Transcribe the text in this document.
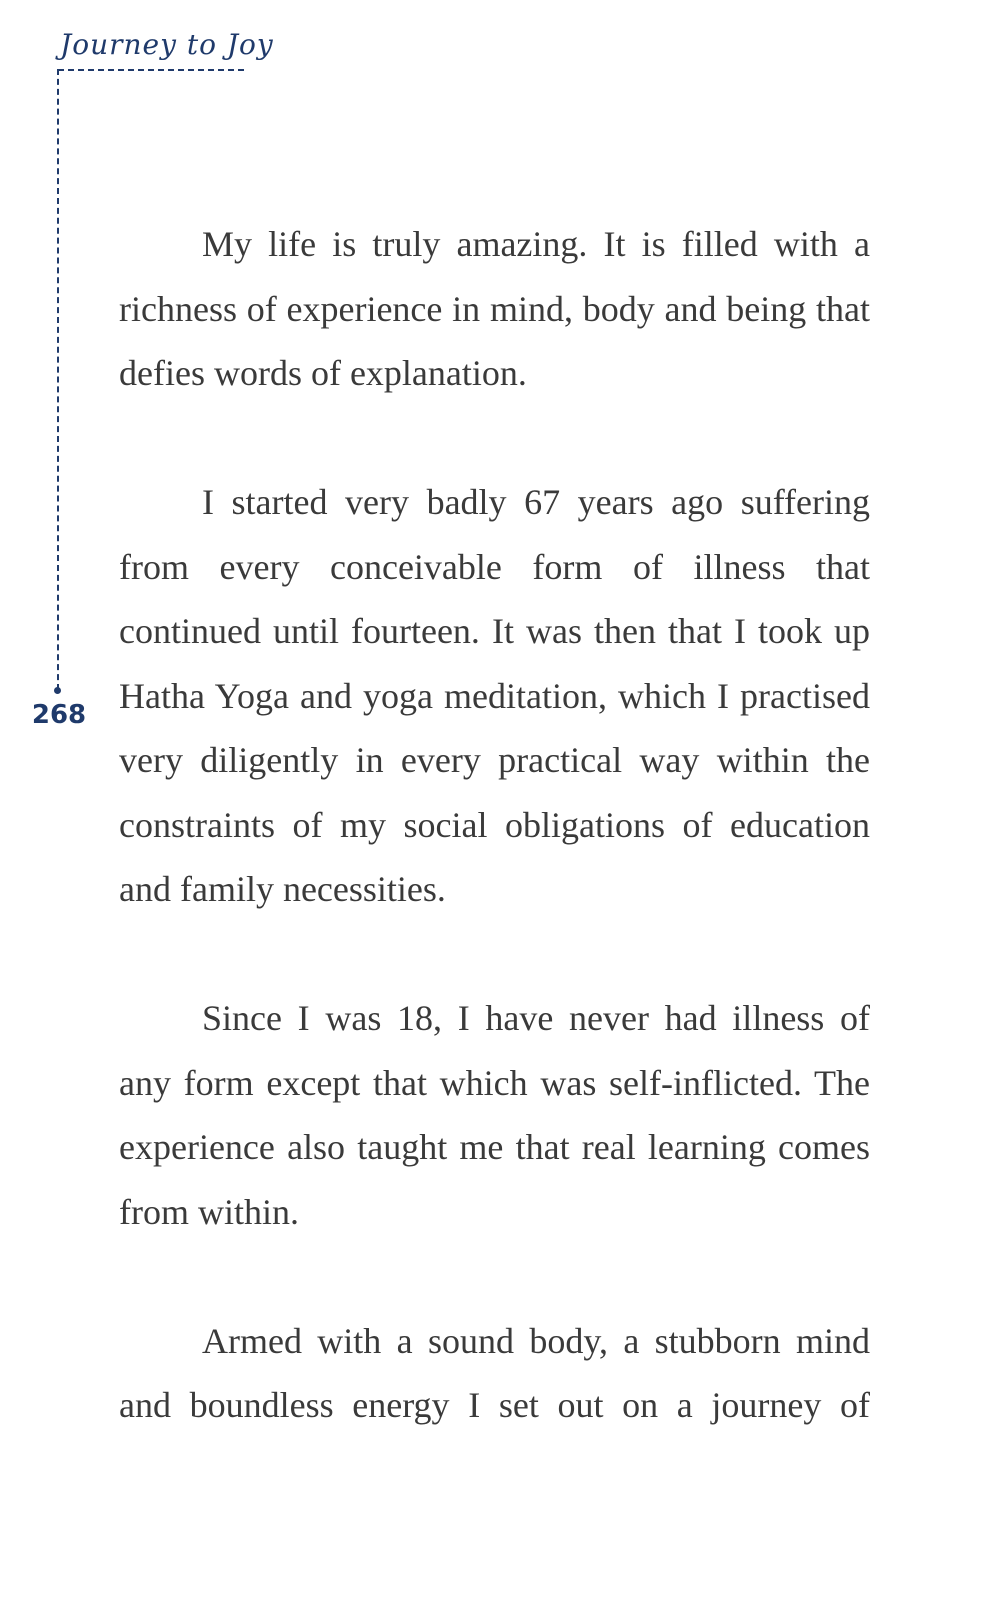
Journey to Joy
268

My life is truly amazing. It is filled with a richness of experience in mind, body and being that defies words of explanation.

I started very badly 67 years ago suffering from every conceivable form of illness that continued until fourteen. It was then that I took up Hatha Yoga and yoga meditation, which I practised very diligently in every practical way within the constraints of my social obligations of education and family necessities.

Since I was 18, I have never had illness of any form except that which was self-inflicted. The experience also taught me that real learning comes from within.

Armed with a sound body, a stubborn mind and boundless energy I set out on a journey of
